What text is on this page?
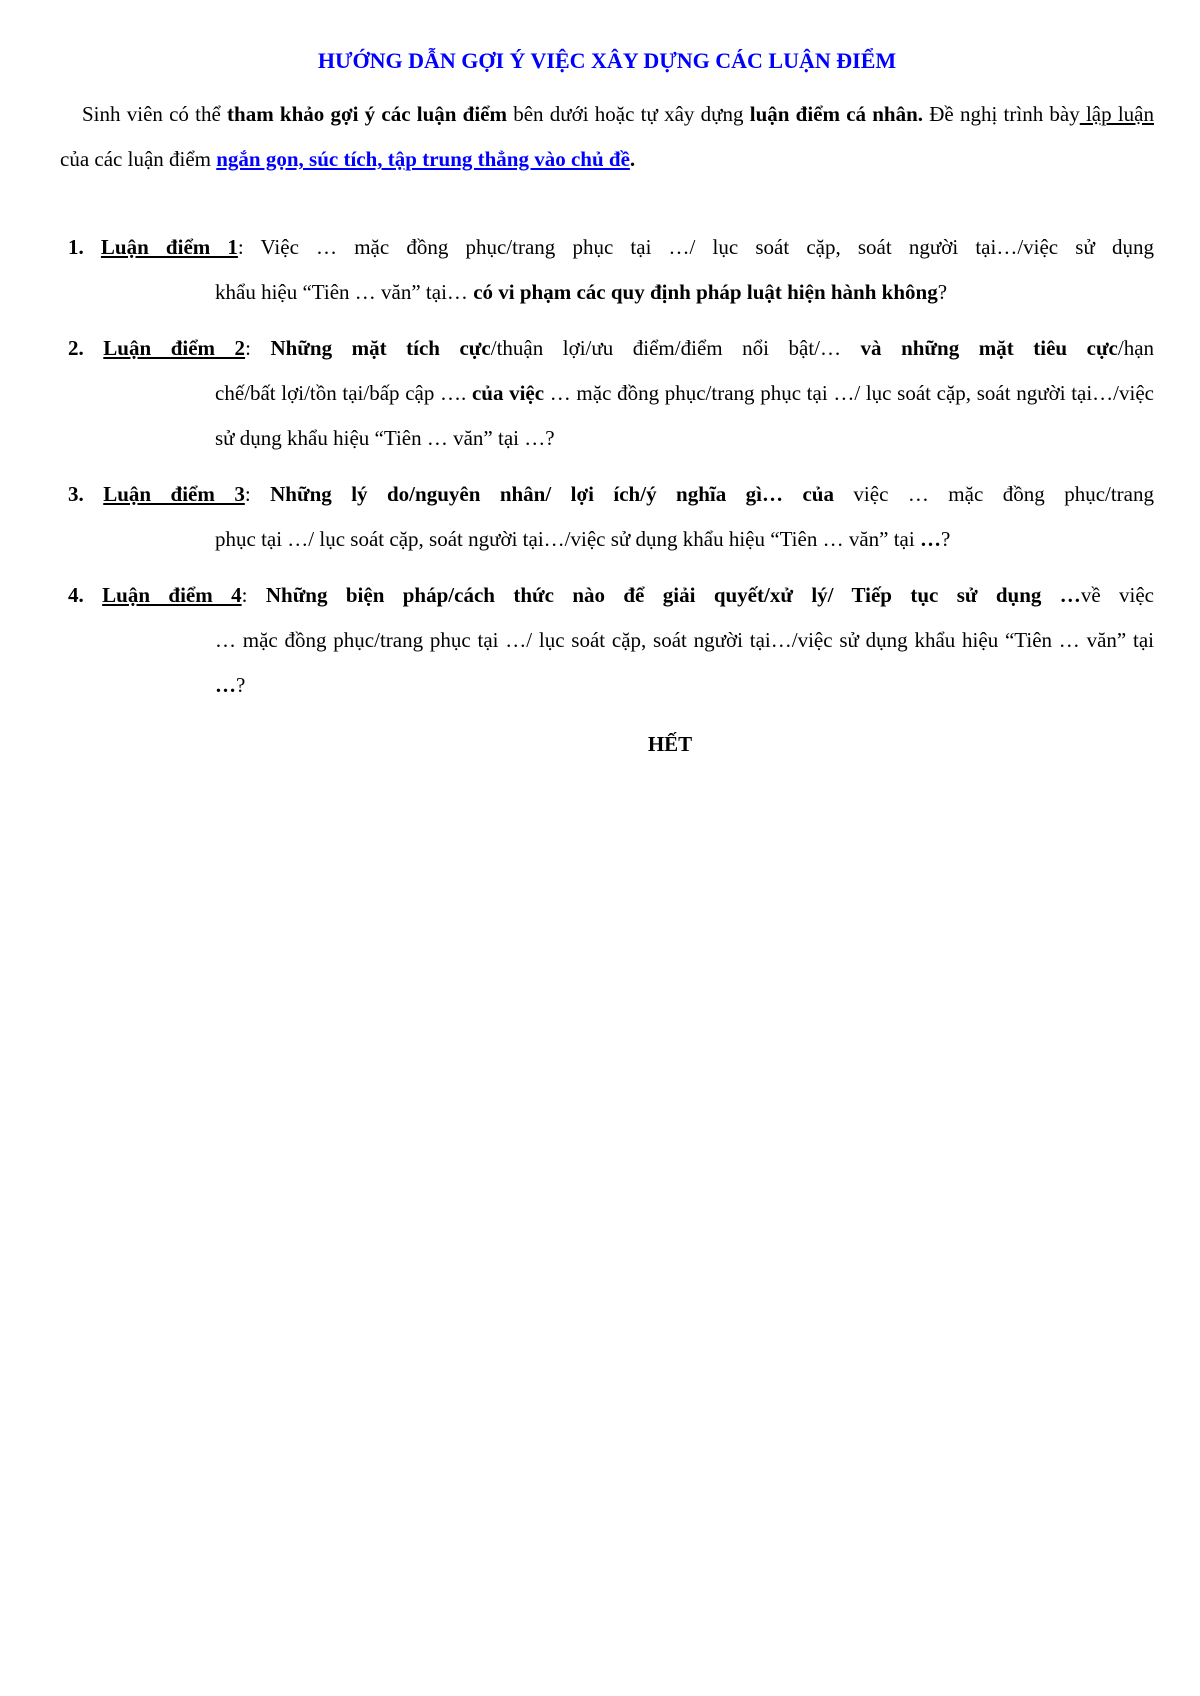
HƯỚNG DẪN GỢI Ý VIỆC XÂY DỰNG CÁC LUẬN ĐIỂM
Sinh viên có thể tham khảo gợi ý các luận điểm bên dưới hoặc tự xây dựng luận điểm cá nhân. Đề nghị trình bày lập luận của các luận điểm ngắn gọn, súc tích, tập trung thẳng vào chủ đề.
1. Luận điểm 1: Việc … mặc đồng phục/trang phục tại …/ lục soát cặp, soát người tại…/việc sử dụng
khẩu hiệu “Tiên … văn” tại… có vi phạm các quy định pháp luật hiện hành không?
2. Luận điểm 2: Những mặt tích cực/thuận lợi/ưu điểm/điểm nổi bật/… và những mặt tiêu cực/hạn
chế/bất lợi/tồn tại/bấp cập …. của việc … mặc đồng phục/trang phục tại …/ lục soát cặp, soát người tại…/việc sử dụng khẩu hiệu “Tiên … văn” tại …?
3. Luận điểm 3: Những lý do/nguyên nhân/ lợi ích/ý nghĩa gì… của việc … mặc đồng phục/trang
phục tại …/ lục soát cặp, soát người tại…/việc sử dụng khẩu hiệu “Tiên … văn” tại …?
4. Luận điểm 4: Những biện pháp/cách thức nào để giải quyết/xử lý/ Tiếp tục sử dụng …về việc
… mặc đồng phục/trang phục tại …/ lục soát cặp, soát người tại…/việc sử dụng khẩu hiệu “Tiên … văn” tại …?
HẾT
